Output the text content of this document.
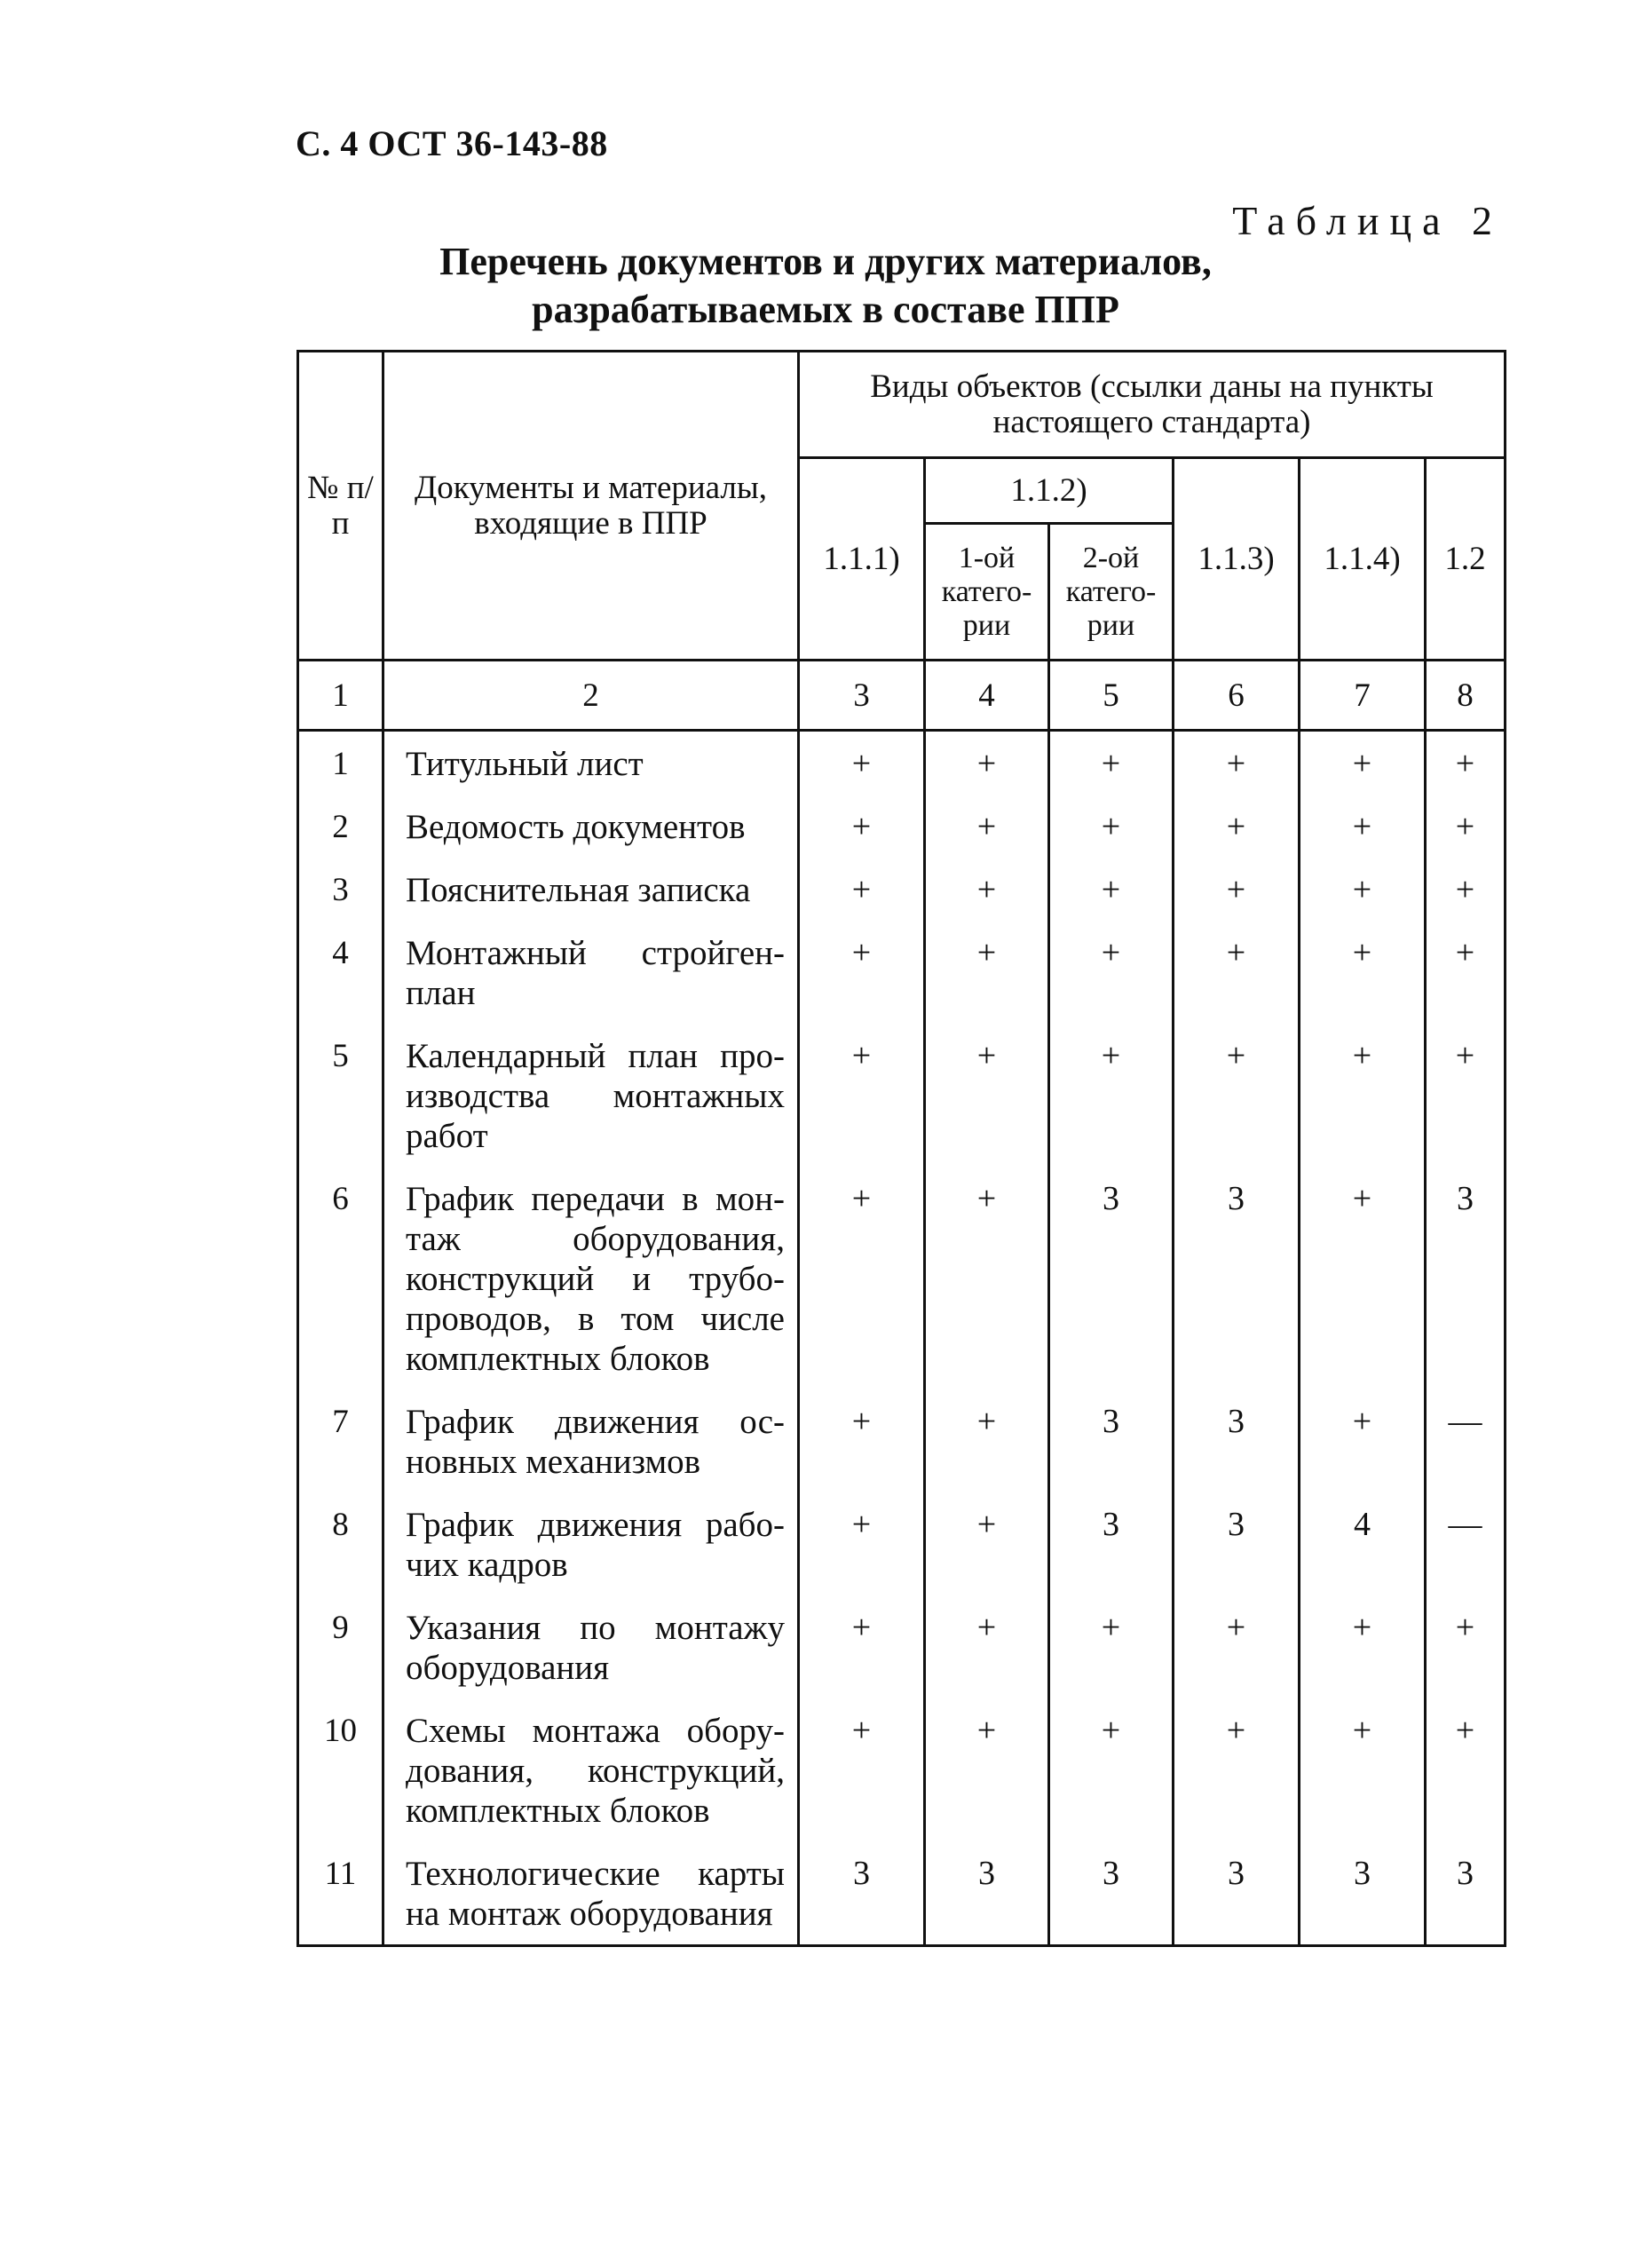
С. 4 ОСТ 36-143-88
Таблица 2
Перечень документов и других материалов,
разрабатываемых в составе ППР
№ п/п	Документы и материалы, входящие в ППР	Виды объектов (ссылки даны на пункты настоящего стандарта)					
		1.1.1)	1.1.2)		1.1.3)	1.1.4)	1.2
			1-ой катего-рии	2-ой катего-рии			
1	2	3	4	5	6	7	8
1	Титульный лист	+	+	+	+	+	+
2	Ведомость документов	+	+	+	+	+	+
3	Пояснительная записка	+	+	+	+	+	+
4	Монтажный стройген-план	+	+	+	+	+	+
5	Календарный план про-изводства монтажных работ	+	+	+	+	+	+
6	График передачи в мон-таж оборудования, конструкций и трубо-проводов, в том числе комплектных блоков	+	+	3	3	+	3
7	График движения ос-новных механизмов	+	+	3	3	+	—
8	График движения рабо-чих кадров	+	+	3	3	4	—
9	Указания по монтажу оборудования	+	+	+	+	+	+
10	Схемы монтажа обору-дования, конструкций, комплектных блоков	+	+	+	+	+	+
11	Технологические карты на монтаж оборудования	3	3	3	3	3	3
